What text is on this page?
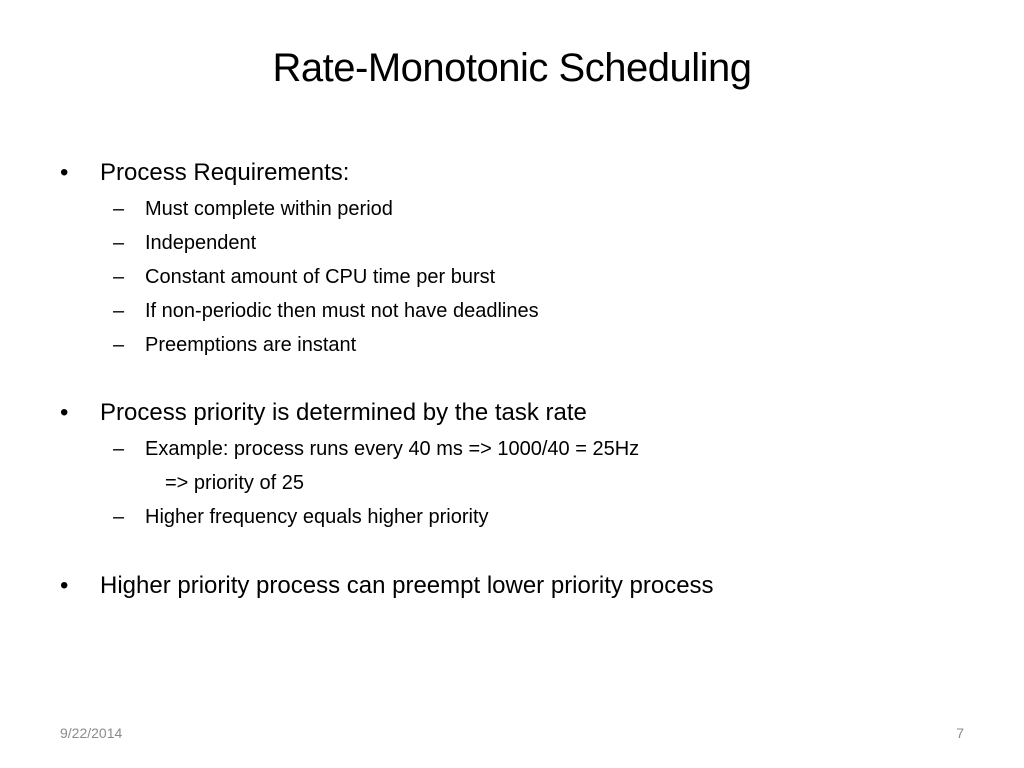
Rate-Monotonic Scheduling
•	Process Requirements:
– Must complete within period
– Independent
– Constant amount of CPU time per burst
– If non-periodic then must not have deadlines
– Preemptions are instant
•	Process priority is determined by the task rate
– Example: process runs every 40 ms => 1000/40 = 25Hz
=> priority of 25
– Higher frequency equals higher priority
•	Higher priority process can preempt lower priority process
9/22/2014	7
